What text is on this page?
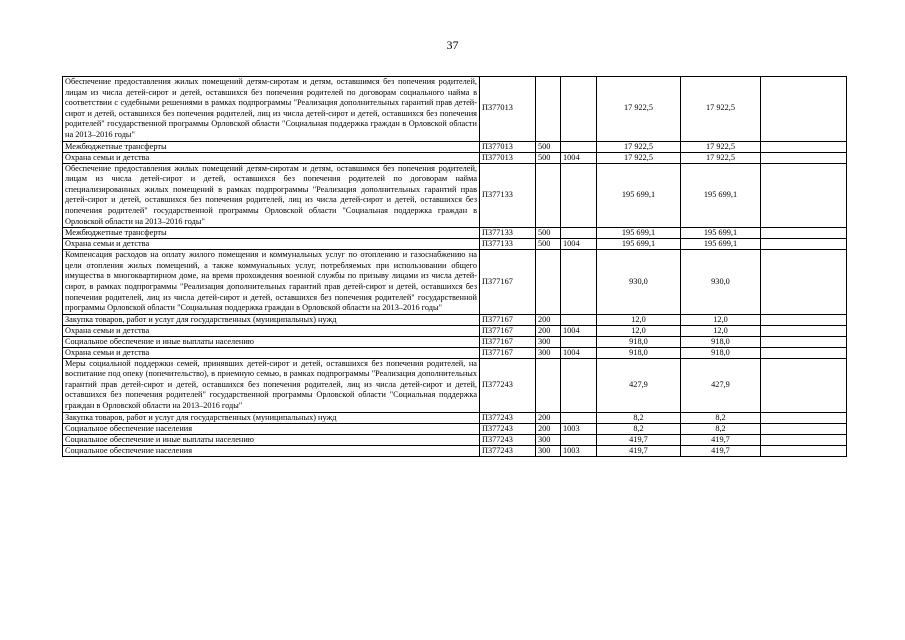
37
Обеспечение предоставления жилых помещений детям-сиротам и детям, оставшимся без попечения родителей, лицам из числа детей-сирот и детей, оставшихся без попечения родителей по договорам социального найма в соответствии с судебными решениями в рамках подпрограммы "Реализация дополнительных гарантий прав детей-сирот и детей, оставшихся без попечения родителей, лиц из числа детей-сирот и детей, оставшихся без попечения родителей" государственной программы Орловской области "Социальная поддержка граждан в Орловской области на 2013–2016 годы"	П377013			17 922,5	17 922,5	
Межбюджетные трансферты	П377013	500		17 922,5	17 922,5	
Охрана семьи и детства	П377013	500	1004	17 922,5	17 922,5	
Обеспечение предоставления жилых помещений детям-сиротам и детям, оставшимся без попечения родителей, лицам из числа детей-сирот и детей, оставшихся без попечения родителей по договорам найма специализированных жилых помещений в рамках подпрограммы "Реализация дополнительных гарантий прав детей-сирот и детей, оставшихся без попечения родителей, лиц из числа детей-сирот и детей, оставшихся без попечения родителей" государственной программы Орловской области "Социальная поддержка граждан в Орловской области на 2013–2016 годы"	П377133			195 699,1	195 699,1	
Межбюджетные трансферты	П377133	500		195 699,1	195 699,1	
Охрана семьи и детства	П377133	500	1004	195 699,1	195 699,1	
Компенсация расходов на оплату жилого помещения и коммунальных услуг по отоплению и газоснабжению на цели отопления жилых помещений, а также коммунальных услуг, потребляемых при использовании общего имущества в многоквартирном доме, на время прохождения военной службы по призыву лицами из числа детей-сирот, в рамках подпрограммы "Реализация дополнительных гарантий прав детей-сирот и детей, оставшихся без попечения родителей, лиц из числа детей-сирот и детей, оставшихся без попечения родителей" государственной программы Орловской области "Социальная поддержка граждан в Орловской области на 2013–2016 годы"	П377167			930,0	930,0	
Закупка товаров, работ и услуг для государственных (муниципальных) нужд	П377167	200		12,0	12,0	
Охрана семьи и детства	П377167	200	1004	12,0	12,0	
Социальное обеспечение и иные выплаты населению	П377167	300		918,0	918,0	
Охрана семьи и детства	П377167	300	1004	918,0	918,0	
Меры социальной поддержки семей, принявших детей-сирот и детей, оставшихся без попечения родителей, на воспитание под опеку (попечительство), в приемную семью, в рамках подпрограммы "Реализация дополнительных гарантий прав детей-сирот и детей, оставшихся без попечения родителей, лиц из числа детей-сирот и детей, оставшихся без попечения родителей" государственной программы Орловской области "Социальная поддержка граждан в Орловской области на 2013–2016 годы"	П377243			427,9	427,9	
Закупка товаров, работ и услуг для государственных (муниципальных) нужд	П377243	200		8,2	8,2	
Социальное обеспечение населения	П377243	200	1003	8,2	8,2	
Социальное обеспечение и иные выплаты населению	П377243	300		419,7	419,7	
Социальное обеспечение населения	П377243	300	1003	419,7	419,7	
